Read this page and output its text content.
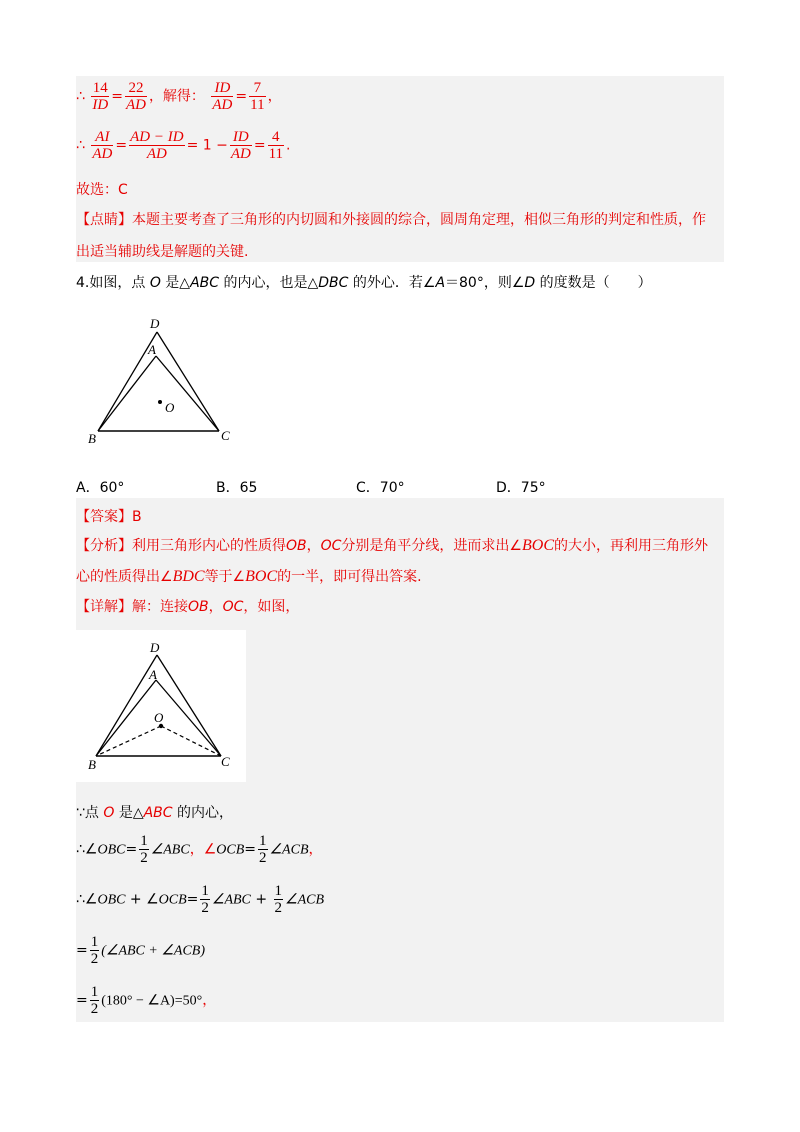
∴ $\frac{14}{ID} = \frac{22}{AD}$ ，解得： $\frac{ID}{AD} = \frac{7}{11}$ ，
∴ $\frac{AI}{AD} = \frac{AD - ID}{AD} = 1 - \frac{ID}{AD} = \frac{4}{11}$ .
故选：C
【点睛】本题主要考查了三角形的内切圆和外接圆的综合，圆周角定理，相似三角形的判定和性质，作
出适当辅助线是解题的关键.
4.如图，点 O 是△ABC 的内心，也是△DBC 的外心．若∠A＝80°，则∠D 的度数是（　　）
D
A
O
B	C
A．60°	B．65	C．70°	D．75°
【答案】B
【分析】利用三角形内心的性质得OB，OC分别是角平分线，进而求出∠BOC的大小，再利用三角形外
心的性质得出∠BDC等于∠BOC的一半，即可得出答案.
【详解】解：连接OB，OC，如图，
D
A
O
B	C
∵点 O 是△ABC 的内心，
∴∠OBC= $\frac{1}{2}$ ∠ABC，∠OCB= $\frac{1}{2}$ ∠ACB，
∴∠OBC + ∠OCB= $\frac{1}{2}$ ∠ABC + $\frac{1}{2}$ ∠ACB
= $\frac{1}{2}$ (∠ABC + ∠ACB)
= $\frac{1}{2} (180^\circ$ − ∠A)=50°，
